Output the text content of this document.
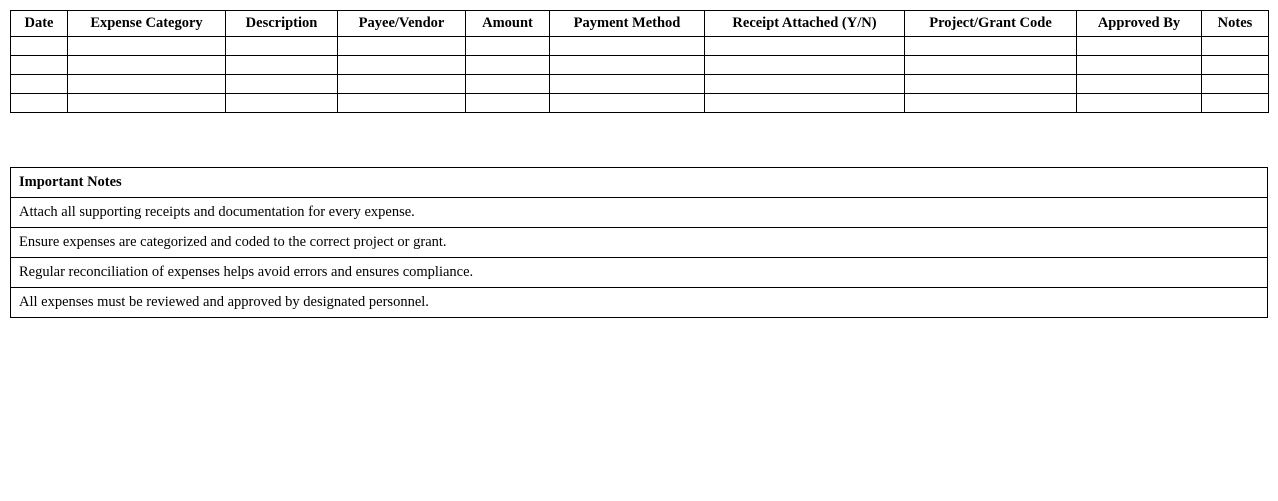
Date	Expense Category	Description	Payee/Vendor	Amount	Payment Method	Receipt Attached (Y/N)	Project/Grant Code	Approved By	Notes

Important Notes
Attach all supporting receipts and documentation for every expense.
Ensure expenses are categorized and coded to the correct project or grant.
Regular reconciliation of expenses helps avoid errors and ensures compliance.
All expenses must be reviewed and approved by designated personnel.
